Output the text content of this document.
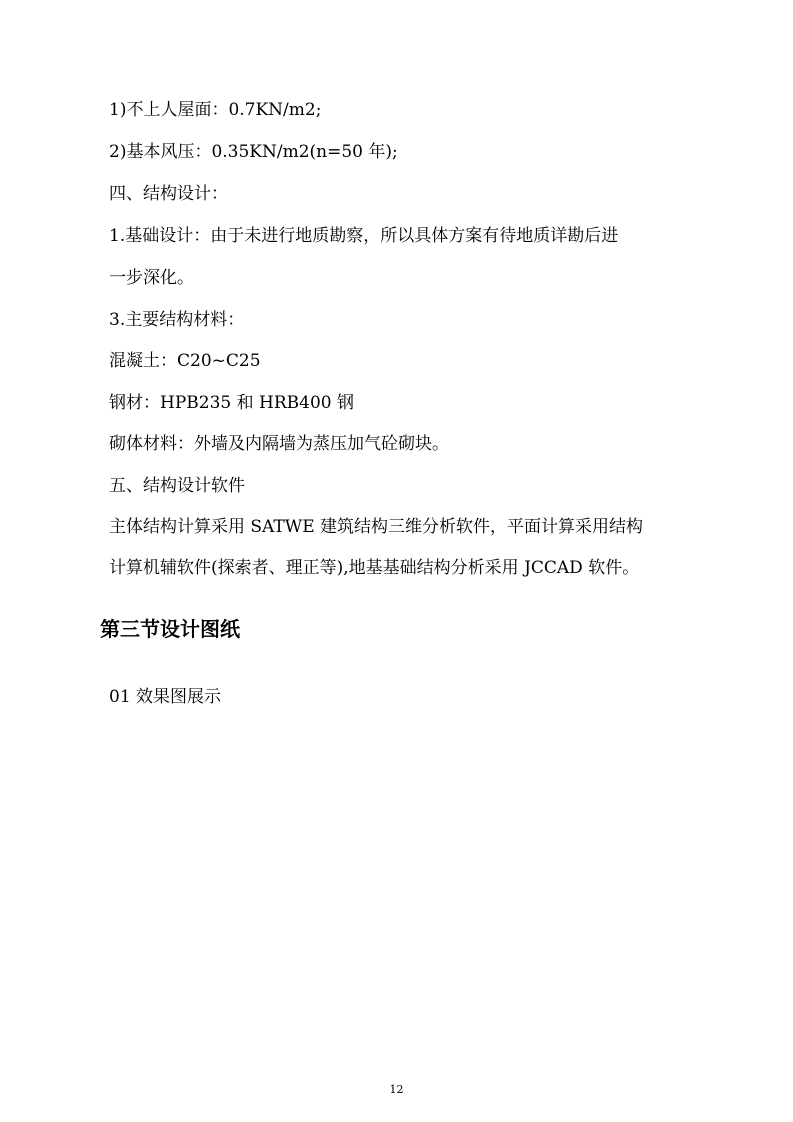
1)不上人屋面：0.7KN/m2;
2)基本风压：0.35KN/m2(n=50 年);
四、结构设计：
1.基础设计：由于未进行地质勘察，所以具体方案有待地质详勘后进
一步深化。
3.主要结构材料：
混凝土：C20~C25
钢材：HPB235 和 HRB400 钢
砌体材料：外墙及内隔墙为蒸压加气砼砌块。
五、结构设计软件
主体结构计算采用 SATWE 建筑结构三维分析软件，平面计算采用结构
计算机辅软件(探索者、理正等),地基基础结构分析采用 JCCAD 软件。
第三节设计图纸
01 效果图展示
12
